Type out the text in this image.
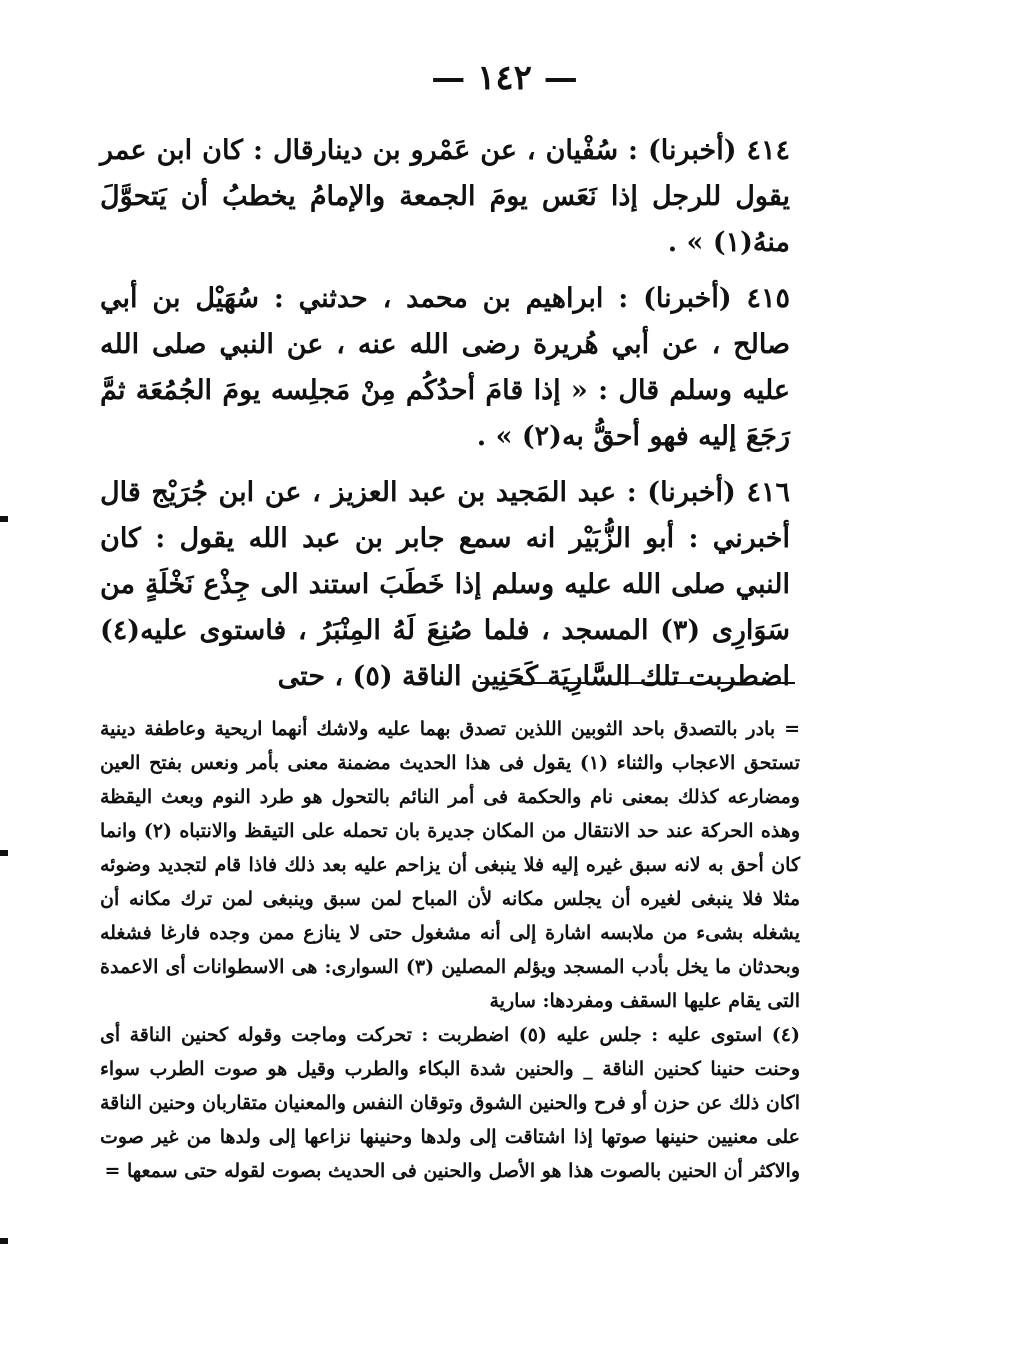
— ١٤٢ —

٤١٤ (أخبرنا) : سُفْيان ، عن عَمْرو بن دينارقال : كان ابن عمر يقول للرجل إذا نَعَس يومَ الجمعة والإمامُ يخطبُ أن يَتحوَّلَ منهُ(١) » .

٤١٥ (أخبرنا) : ابراهيم بن محمد ، حدثني : سُهَيْل بن أبي صالح ، عن أبي هُريرة رضى الله عنه ، عن النبي صلى الله عليه وسلم قال : « إذا قامَ أحدُكُم مِنْ مَجلِسه يومَ الجُمُعَة ثمَّ رَجَعَ إليه فهو أحقُّ به(٢) » .

٤١٦ (أخبرنا) : عبد المَجيد بن عبد العزيز ، عن ابن جُرَيْج قال أخبرني : أبو الزُّبَيْر انه سمع جابر بن عبد الله يقول : كان النبي صلى الله عليه وسلم إذا خَطَبَ استند الى جِذْع نَخْلَةٍ من سَوَارِى (٣) المسجد ، فلما صُنِعَ لَهُ المِنْبَرُ ، فاستوى عليه(٤) اضطربت تلك السَّارِيَة كَحَنِين الناقة (٥) ، حتى

= بادر بالتصدق باحد الثوبين اللذين تصدق بهما عليه ولاشك أنهما اريحية وعاطفة دينية تستحق الاعجاب والثناء (١) يقول فى هذا الحديث مضمنة معنى بأمر ونعس بفتح العين ومضارعه كذلك بمعنى نام والحكمة فى أمر النائم بالتحول هو طرد النوم وبعث اليقظة وهذه الحركة عند حد الانتقال من المكان جديرة بان تحمله على التيقظ والانتباه (٢) وانما كان أحق به لانه سبق غيره إليه فلا ينبغى أن يزاحم عليه بعد ذلك فاذا قام لتجديد وضوئه مثلا فلا ينبغى لغيره أن يجلس مكانه لأن المباح لمن سبق وينبغى لمن ترك مكانه أن يشغله بشىء من ملابسه اشارة إلى أنه مشغول حتى لا ينازع ممن وجده فارغا فشغله وبحدثان ما يخل بأدب المسجد ويؤلم المصلين (٣) السوارى: هى الاسطوانات أى الاعمدة التى يقام عليها السقف ومفردها: سارية

(٤) استوى عليه : جلس عليه (٥) اضطربت : تحركت وماجت وقوله كحنين الناقة أى وحنت حنينا كحنين الناقة _ والحنين شدة البكاء والطرب وقيل هو صوت الطرب سواء اكان ذلك عن حزن أو فرح والحنين الشوق وتوقان النفس والمعنيان متقاربان وحنين الناقة على معنيين حنينها صوتها إذا اشتاقت إلى ولدها وحنينها نزاعها إلى ولدها من غير صوت والاكثر أن الحنين بالصوت هذا هو الأصل والحنين فى الحديث بصوت لقوله حتى سمعها =
